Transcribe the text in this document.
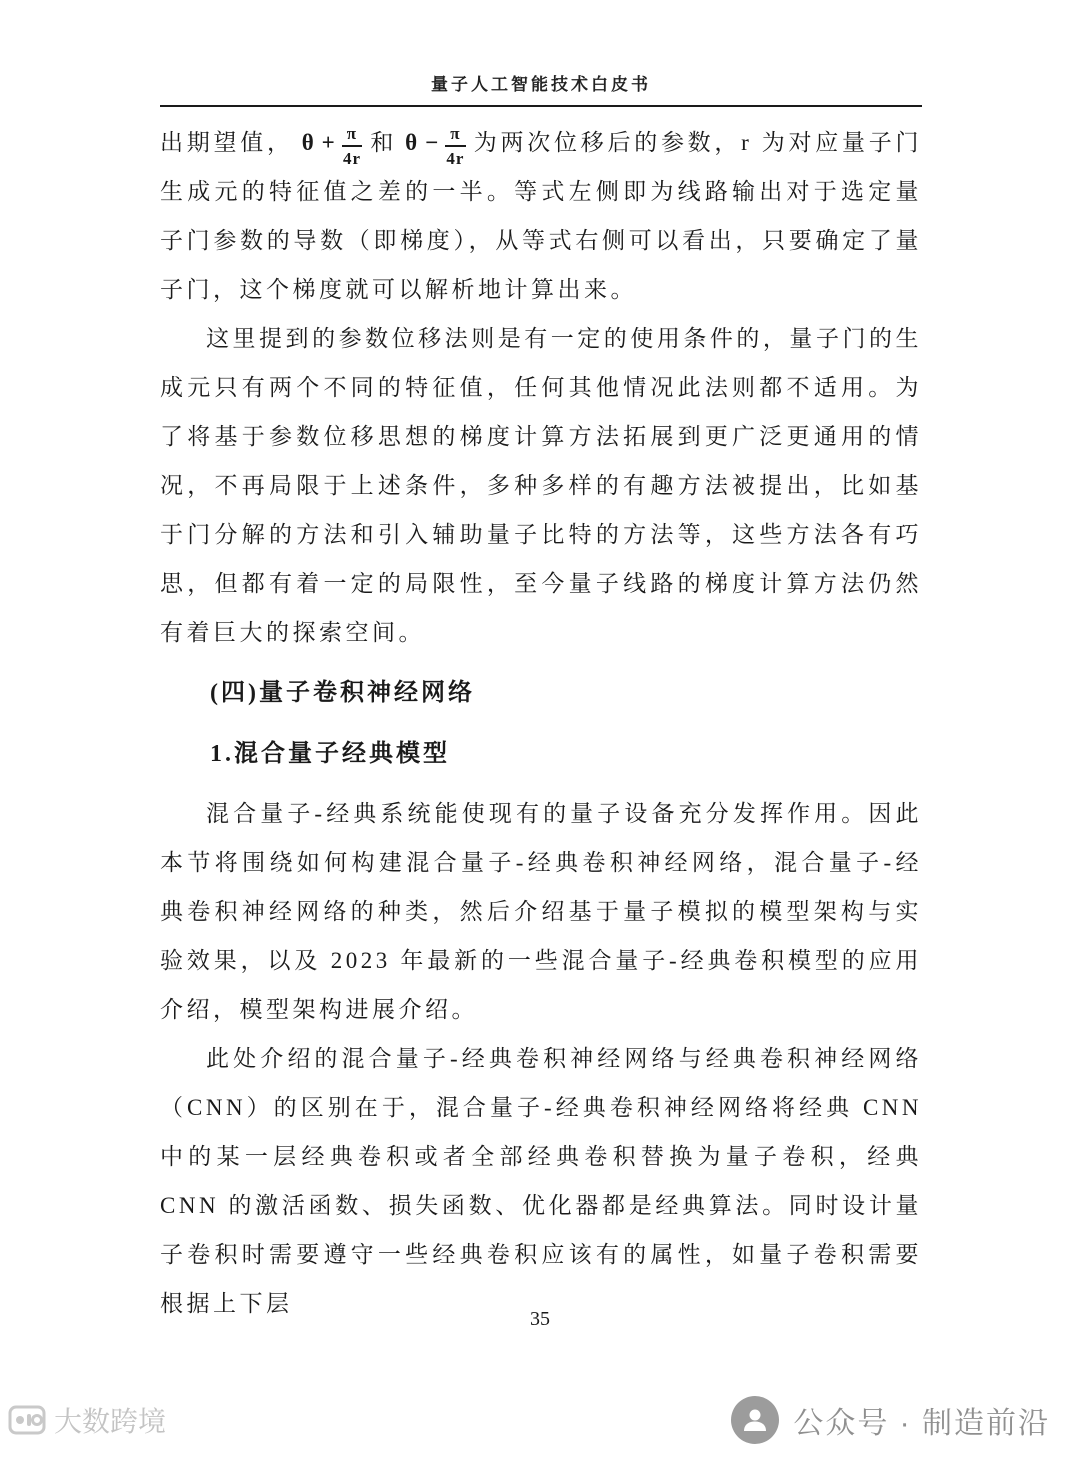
量子人工智能技术白皮书

出期望值， $\theta + \frac{\pi}{4r}$ 和 $\theta - \frac{\pi}{4r}$ 为两次位移后的参数，r 为对应量子门生成元的特征值之差的一半。等式左侧即为线路输出对于选定量子门参数的导数（即梯度），从等式右侧可以看出，只要确定了量子门，这个梯度就可以解析地计算出来。

这里提到的参数位移法则是有一定的使用条件的，量子门的生成元只有两个不同的特征值，任何其他情况此法则都不适用。为了将基于参数位移思想的梯度计算方法拓展到更广泛更通用的情况，不再局限于上述条件，多种多样的有趣方法被提出，比如基于门分解的方法和引入辅助量子比特的方法等，这些方法各有巧思，但都有着一定的局限性，至今量子线路的梯度计算方法仍然有着巨大的探索空间。

(四)量子卷积神经网络
1.混合量子经典模型

混合量子-经典系统能使现有的量子设备充分发挥作用。因此本节将围绕如何构建混合量子-经典卷积神经网络，混合量子-经典卷积神经网络的种类，然后介绍基于量子模拟的模型架构与实验效果，以及 2023 年最新的一些混合量子-经典卷积模型的应用介绍，模型架构进展介绍。

此处介绍的混合量子-经典卷积神经网络与经典卷积神经网络（CNN）的区别在于，混合量子-经典卷积神经网络将经典 CNN 中的某一层经典卷积或者全部经典卷积替换为量子卷积，经典 CNN 的激活函数、损失函数、优化器都是经典算法。同时设计量子卷积时需要遵守一些经典卷积应该有的属性，如量子卷积需要根据上下层

35
大数跨境	公众号 · 制造前沿
